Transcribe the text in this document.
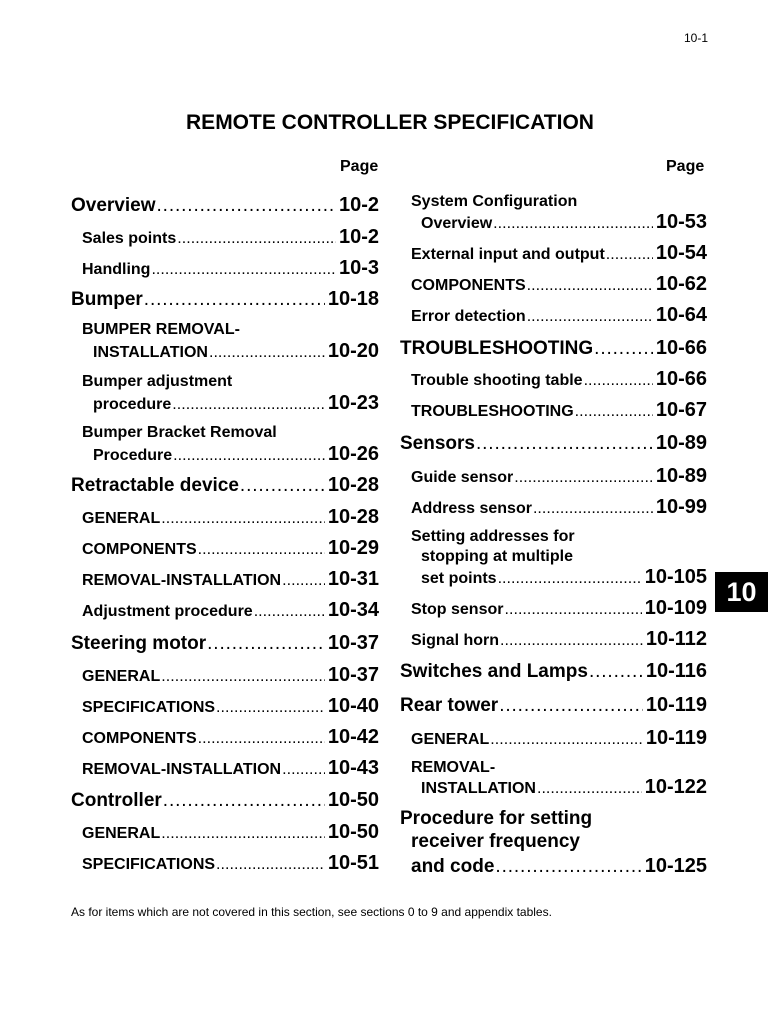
10-1
REMOTE CONTROLLER SPECIFICATION
Page	Page
Overview . . .	10-2
Sales points . . .	10-2
Handling . . .	10-3
Bumper . . .	10-18
BUMPER REMOVAL-
INSTALLATION . . .	10-20
Bumper adjustment
procedure . . .	10-23
Bumper Bracket Removal
Procedure . . .	10-26
Retractable device . . .	10-28
GENERAL . . .	10-28
COMPONENTS . . .	10-29
REMOVAL-INSTALLATION . . . 10-31
Adjustment procedure . . .	10-34
Steering motor . . .	10-37
GENERAL . . .	10-37
SPECIFICATIONS . . .	10-40
COMPONENTS . . .	10-42
REMOVAL-INSTALLATION . . . 10-43
Controller . . .	10-50
GENERAL . . .	10-50
SPECIFICATIONS . . .	10-51
System Configuration
Overview . . .	10-53
External input and output . . .	10-54
COMPONENTS . . .	10-62
Error detection . . .	10-64
TROUBLESHOOTING . . .	10-66
Trouble shooting table . . .	10-66
TROUBLESHOOTING . . .	10-67
Sensors . . .	10-89
Guide sensor . . .	10-89
Address sensor . . .	10-99
Setting addresses for
stopping at multiple
set points . . .	10-105
Stop sensor . . .	10-109
Signal horn . . .	10-112
Switches and Lamps . . .	10-116
Rear tower . . .	10-119
GENERAL . . .	10-119
REMOVAL-
INSTALLATION . . .	10-122
Procedure for setting
receiver frequency
and code . . .	10-125
10
As for items which are not covered in this section, see sections 0 to 9 and appendix tables.
